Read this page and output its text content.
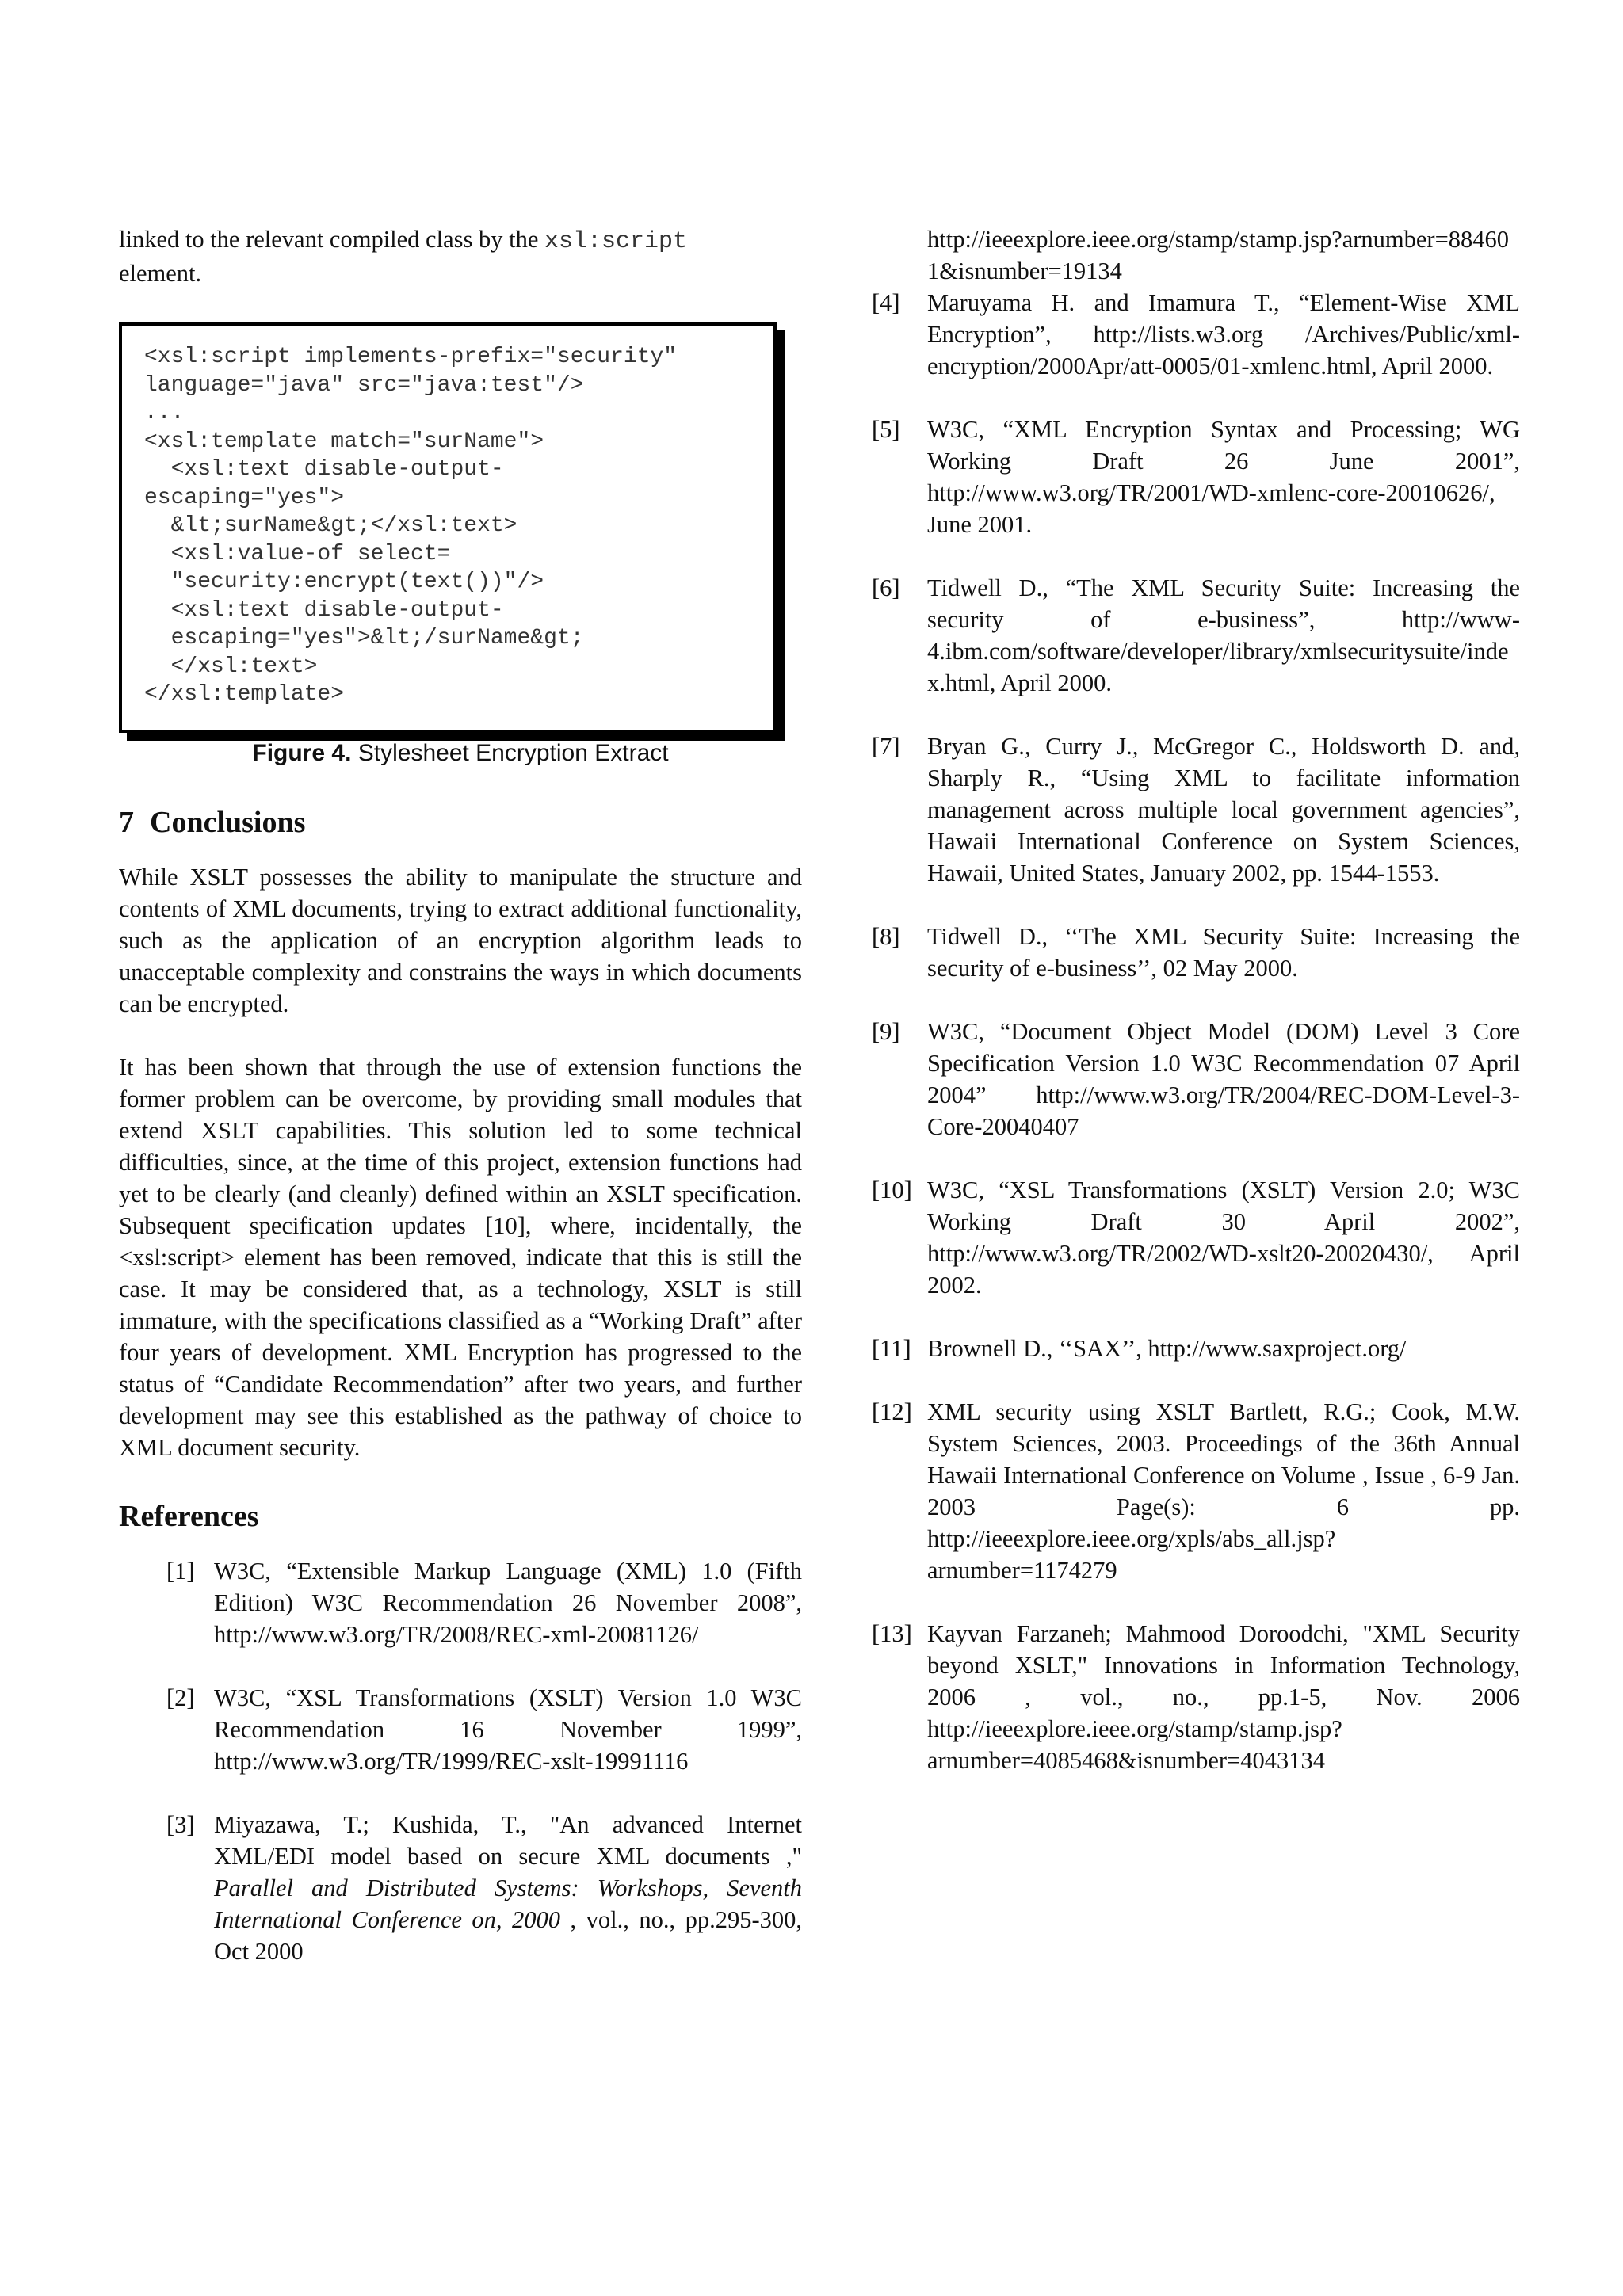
linked to the relevant compiled class by the xsl:script
element.

<xsl:script implements-prefix="security"
language="java" src="java:test"/>
...
<xsl:template match="surName">
<xsl:text disable-output-
escaping="yes">
&lt;surName&gt;</xsl:text>
<xsl:value-of select=
"security:encrypt(text())"/>
<xsl:text disable-output-
escaping="yes">&lt;/surName&gt;
</xsl:text>
</xsl:template>
Figure 4. Stylesheet Encryption Extract
7 Conclusions

While XSLT possesses the ability to manipulate the structure and contents of XML documents, trying to extract additional functionality, such as the application of an encryption algorithm leads to unacceptable complexity and constrains the ways in which documents can be encrypted.

It has been shown that through the use of extension functions the former problem can be overcome, by providing small modules that extend XSLT capabilities. This solution led to some technical difficulties, since, at the time of this project, extension functions had yet to be clearly (and cleanly) defined within an XSLT specification. Subsequent specification updates [10], where, incidentally, the <xsl:script> element has been removed, indicate that this is still the case. It may be considered that, as a technology, XSLT is still immature, with the specifications classified as a “Working Draft” after four years of development. XML Encryption has progressed to the status of “Candidate Recommendation” after two years, and further development may see this established as the pathway of choice to XML document security.

References
[1] W3C, “Extensible Markup Language (XML) 1.0 (Fifth Edition) W3C Recommendation 26 November 2008”, http://www.w3.org/TR/2008/REC-xml-20081126/
[2] W3C, “XSL Transformations (XSLT) Version 1.0 W3C Recommendation 16 November 1999”, http://www.w3.org/TR/1999/REC-xslt-19991116
[3] Miyazawa, T.; Kushida, T., "An advanced Internet XML/EDI model based on secure XML documents ," Parallel and Distributed Systems: Workshops, Seventh International Conference on, 2000 , vol., no., pp.295-300, Oct 2000

http://ieeexplore.ieee.org/stamp/stamp.jsp?arnumber=884601&isnumber=19134

[4]	Maruyama H. and Imamura T., “Element-Wise XML Encryption”, http://lists.w3.org /Archives/Public/xml-encryption/2000Apr/att-0005/01-xmlenc.html, April 2000.
[5]	W3C, “XML Encryption Syntax and Processing; WG Working Draft 26 June 2001”, http://www.w3.org/TR/2001/WD-xmlenc-core-20010626/, June 2001.
[6]	Tidwell D., “The XML Security Suite: Increasing the security of e-business”, http://www-4.ibm.com/software/developer/library/xmlsecuritysuite/index.html, April 2000.
[7]	Bryan G., Curry J., McGregor C., Holdsworth D. and, Sharply R., “Using XML to facilitate information management across multiple local government agencies”, Hawaii International Conference on System Sciences, Hawaii, United States, January 2002, pp. 1544-1553.
[8]	Tidwell D., ‘‘The XML Security Suite: Increasing the security of e-business’’, 02 May 2000.
[9]	W3C, “Document Object Model (DOM) Level 3 Core Specification Version 1.0 W3C Recommendation 07 April 2004” http://www.w3.org/TR/2004/REC-DOM-Level-3-Core-20040407
[10] W3C, “XSL Transformations (XSLT) Version 2.0; W3C Working Draft 30 April 2002”, http://www.w3.org/TR/2002/WD-xslt20-20020430/, April 2002.
[11] Brownell D., ‘‘SAX’’, http://www.saxproject.org/
[12] XML security using XSLT Bartlett, R.G.; Cook, M.W. System Sciences, 2003. Proceedings of the 36th Annual Hawaii International Conference on Volume , Issue , 6-9 Jan. 2003 Page(s): 6 pp. http://ieeexplore.ieee.org/xpls/abs_all.jsp?arnumber=1174279
[13] Kayvan Farzaneh; Mahmood Doroodchi, "XML Security beyond XSLT," Innovations in Information Technology, 2006 , vol., no., pp.1-5, Nov. 2006 http://ieeexplore.ieee.org/stamp/stamp.jsp?arnumber=4085468&isnumber=4043134
